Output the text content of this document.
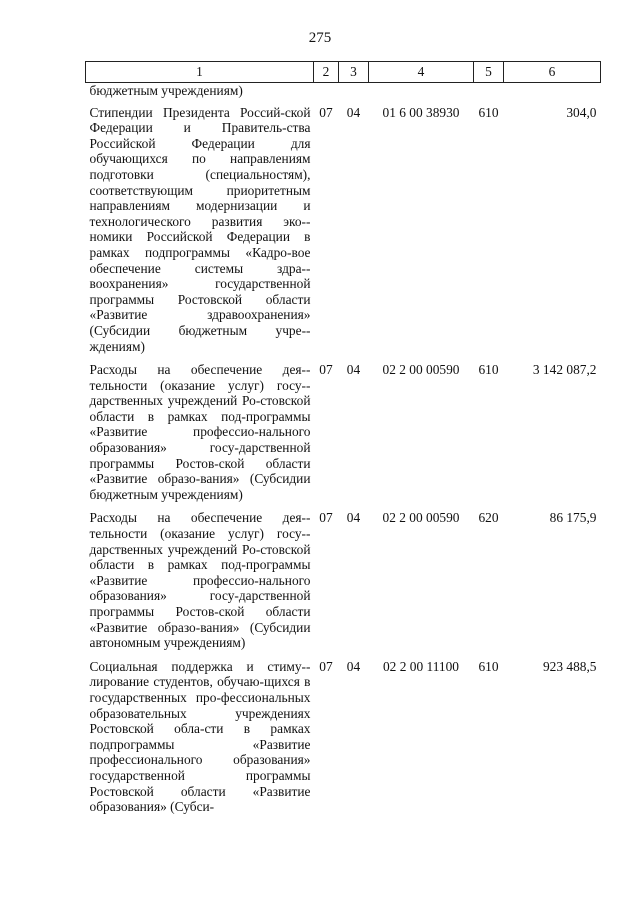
275
1	2	3	4	5	6
бюджетным учреждениям)					
Стипендии Президента Россий-ской Федерации и Правитель-ства Российской Федерации для обучающихся по направлениям подготовки (специальностям), соответствующим приоритетным направлениям модернизации и технологического развития эко-номики Российской Федерации в рамках подпрограммы «Кадро-вое обеспечение системы здра-воохранения» государственной программы Ростовской области «Развитие здравоохранения» (Субсидии бюджетным учре-ждениям)	07	04	01 6 00 38930	610	304,0
Расходы на обеспечение дея-тельности (оказание услуг) госу-дарственных учреждений Ро-стовской области в рамках под-программы «Развитие профессио-нального образования» госу-дарственной программы Ростов-ской области «Развитие образо-вания» (Субсидии бюджетным учреждениям)	07	04	02 2 00 00590	610	3 142 087,2
Расходы на обеспечение дея-тельности (оказание услуг) госу-дарственных учреждений Ро-стовской области в рамках под-программы «Развитие профессио-нального образования» госу-дарственной программы Ростов-ской области «Развитие образо-вания» (Субсидии автономным учреждениям)	07	04	02 2 00 00590	620	86 175,9
Социальная поддержка и стиму-лирование студентов, обучаю-щихся в государственных про-фессиональных образовательных учреждениях Ростовской обла-сти в рамках подпрограммы «Развитие профессионального образования» государственной программы Ростовской области «Развитие образования» (Субси-	07	04	02 2 00 11100	610	923 488,5
